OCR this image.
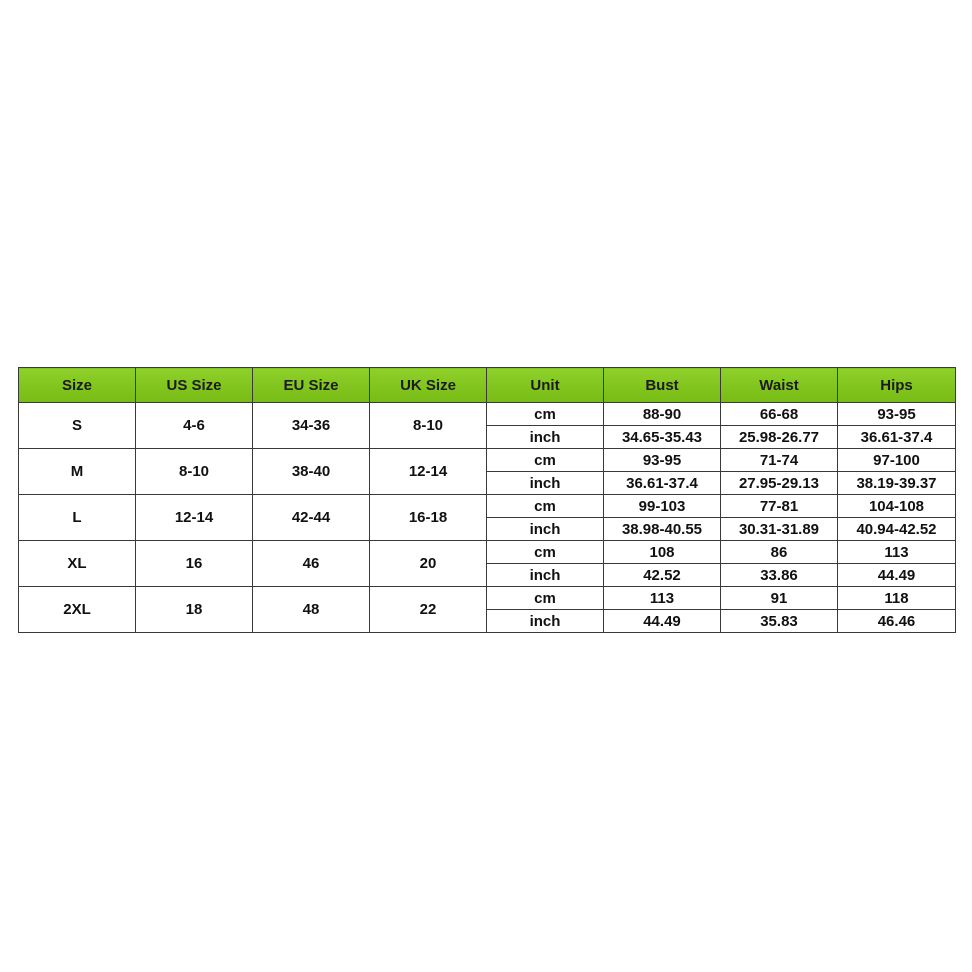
Size	US Size	EU Size	UK Size	Unit	Bust	Waist	Hips
S	4-6	34-36	8-10	cm	88-90	66-68	93-95
				inch	34.65-35.43	25.98-26.77	36.61-37.4
M	8-10	38-40	12-14	cm	93-95	71-74	97-100
				inch	36.61-37.4	27.95-29.13	38.19-39.37
L	12-14	42-44	16-18	cm	99-103	77-81	104-108
				inch	38.98-40.55	30.31-31.89	40.94-42.52
XL	16	46	20	cm	108	86	113
				inch	42.52	33.86	44.49
2XL	18	48	22	cm	113	91	118
				inch	44.49	35.83	46.46
